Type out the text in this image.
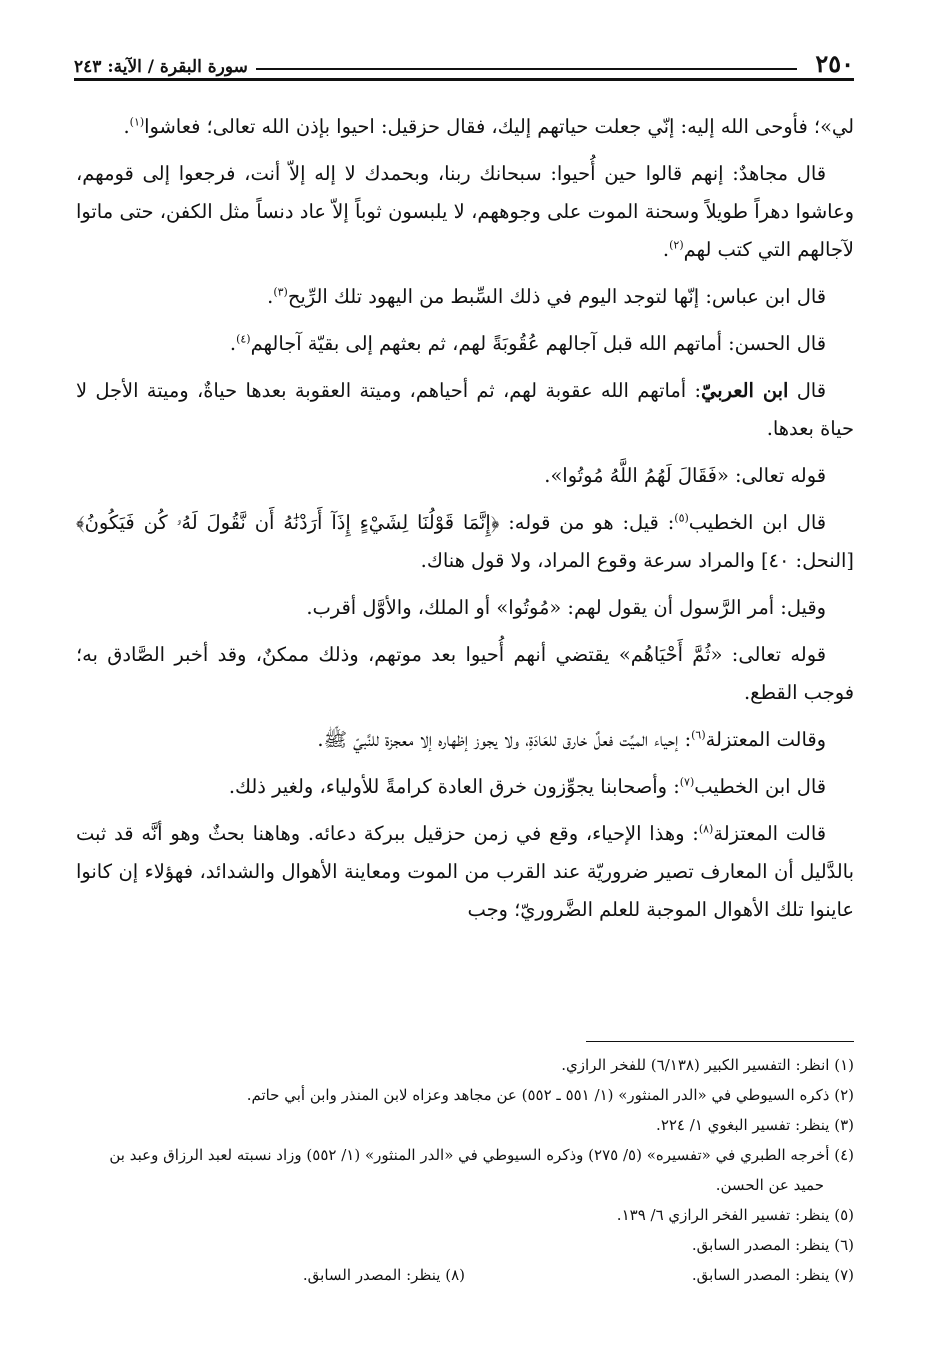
٢٥٠
سورة البقرة / الآية: ٢٤٣

لي»؛ فأوحى الله إليه: إنّي جعلت حياتهم إليك، فقال حزقيل: احيوا بإذن الله تعالى؛ فعاشوا$^{(١)}$.

قال مجاهدٌ: إنهم قالوا حين أُحيوا: سبحانك ربنا، وبحمدك لا إله إلاّ أنت، فرجعوا إلى قومهم، وعاشوا دهراً طويلاً وسحنة الموت على وجوههم، لا يلبسون ثوباً إلاّ عاد دنساً مثل الكفن، حتى ماتوا لآجالهم التي كتب لهم$^{(٢)}$.

قال ابن عباس: إنّها لتوجد اليوم في ذلك السِّبط من اليهود تلك الرِّيح$^{(٣)}$.

قال الحسن: أماتهم الله قبل آجالهم عُقُوبَةً لهم، ثم بعثهم إلى بقيّة آجالهم$^{(٤)}$.

قال ابن العربيّ: أماتهم الله عقوبة لهم، ثم أحياهم، وميتة العقوبة بعدها حياةٌ، وميتة الأجل لا حياة بعدها.

قوله تعالى: «فَقَالَ لَهُمُ اللَّهُ مُوتُوا».

قال ابن الخطيب$^{(٥)}$: قيل: هو من قوله: ﴿إِنَّمَا قَوْلُنَا لِشَيْءٍ إِذَآ أَرَدْنَٰهُ أَن نَّقُولَ لَهُۥ كُن فَيَكُونُ﴾ [النحل: ٤٠] والمراد سرعة وقوع المراد، ولا قول هناك.

وقيل: أمر الرَّسول أن يقول لهم: «مُوتُوا» أو الملك، والأوَّل أقرب.

قوله تعالى: «ثُمَّ أَحْيَاهُم» يقتضي أنهم أُحيوا بعد موتهم، وذلك ممكنٌ، وقد أخبر الصَّادق به؛ فوجب القطع.

وقالت المعتزلة$^{(٦)}$: إحياء الميِّت فعلٌ خارق للعَادَةِ، ولا يجوز إظهاره إلا معجزة للنَّبيّ ﷺ.

قال ابن الخطيب$^{(٧)}$: وأصحابنا يجوِّزون خرق العادة كرامةً للأولياء، ولغير ذلك.

قالت المعتزلة$^{(٨)}$: وهذا الإحياء، وقع في زمن حزقيل ببركة دعائه. وهاهنا بحثٌ وهو أنَّه قد ثبت بالدَّليل أن المعارف تصير ضروريّة عند القرب من الموت ومعاينة الأهوال والشدائد، فهؤلاء إن كانوا عاينوا تلك الأهوال الموجبة للعلم الضَّروريّ؛ وجب

(١) انظر: التفسير الكبير (٦/١٣٨) للفخر الرازي.

(٢) ذكره السيوطي في «الدر المنثور» (١/ ٥٥١ ـ ٥٥٢) عن مجاهد وعزاه لابن المنذر وابن أبي حاتم.

(٣) ينظر: تفسير البغوي ١/ ٢٢٤.

(٤) أخرجه الطبري في «تفسيره» (٥/ ٢٧٥) وذكره السيوطي في «الدر المنثور» (١/ ٥٥٢) وزاد نسبته لعبد الرزاق وعبد بن حميد عن الحسن.

(٥) ينظر: تفسير الفخر الرازي ٦/ ١٣٩.

(٦) ينظر: المصدر السابق.

(٧) ينظر: المصدر السابق.

(٨) ينظر: المصدر السابق.
